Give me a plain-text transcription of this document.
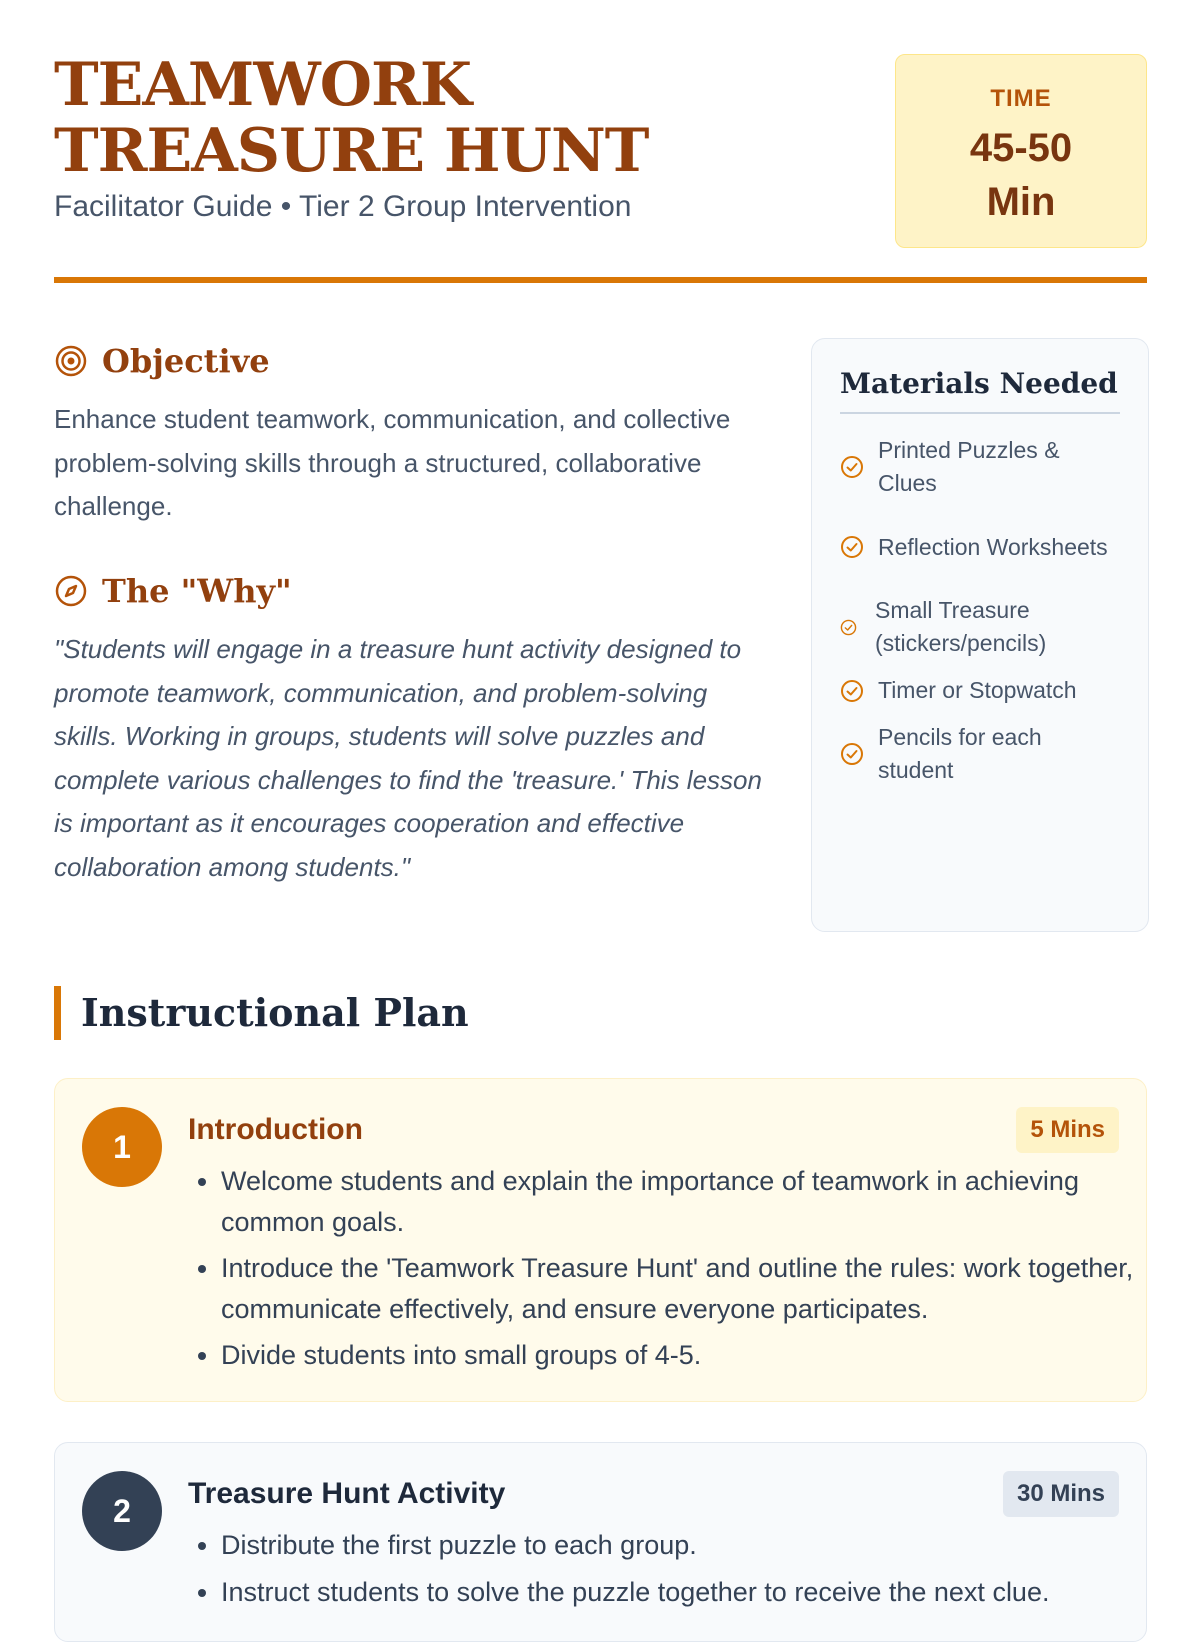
TEAMWORK TREASURE HUNT

Facilitator Guide • Tier 2 Group Intervention

TIME
45-50
Min
Objective

Enhance student teamwork, communication, and collective problem-solving skills through a structured, collaborative challenge.

The "Why"

"Students will engage in a treasure hunt activity designed to promote teamwork, communication, and problem-solving skills. Working in groups, students will solve puzzles and complete various challenges to find the 'treasure.' This lesson is important as it encourages cooperation and effective collaboration among students."

Materials Needed
Printed Puzzles & Clues
Reflection Worksheets
Small Treasure (stickers/pencils)
Timer or Stopwatch
Pencils for each student
Instructional Plan
1	Introduction	5 Mins
• Welcome students and explain the importance of teamwork in achieving common goals.
• Introduce the 'Teamwork Treasure Hunt' and outline the rules: work together, communicate effectively, and ensure everyone participates.
• Divide students into small groups of 4-5.
2	Treasure Hunt Activity	30 Mins
• Distribute the first puzzle to each group.
• Instruct students to solve the puzzle together to receive the next clue.
